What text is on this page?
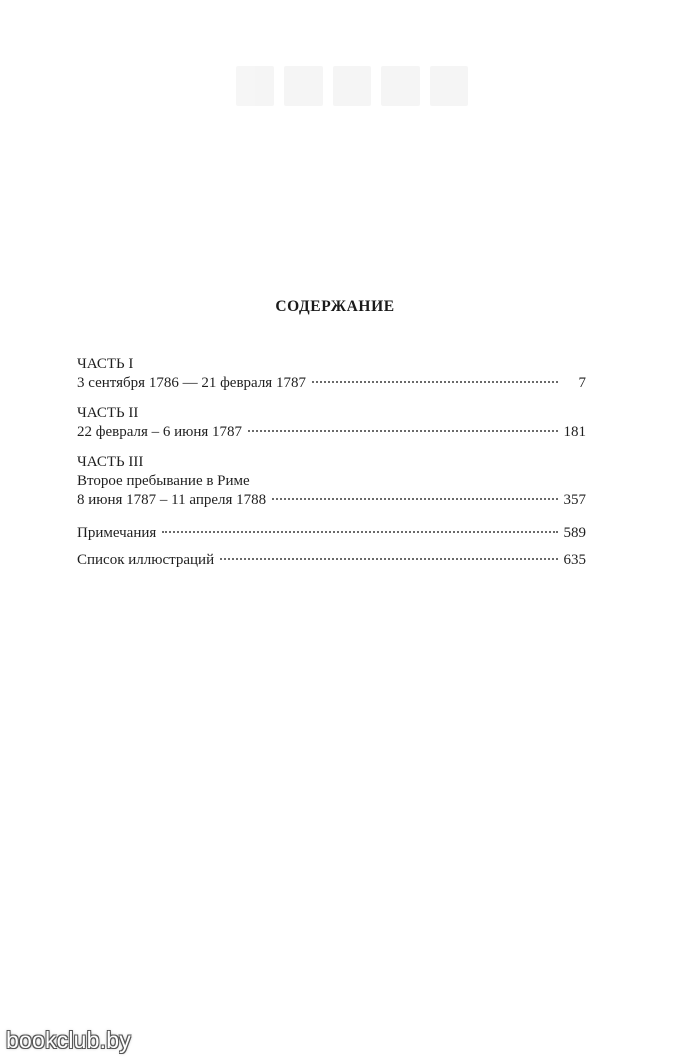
СОДЕРЖАНИЕ
ЧАСТЬ I
3 сентября 1786 — 21 февраля 1787	7
ЧАСТЬ II
22 февраля – 6 июня 1787	181
ЧАСТЬ III
Второе пребывание в Риме
8 июня 1787 – 11 апреля 1788	357
Примечания	589
Список иллюстраций	635
bookclub.by
